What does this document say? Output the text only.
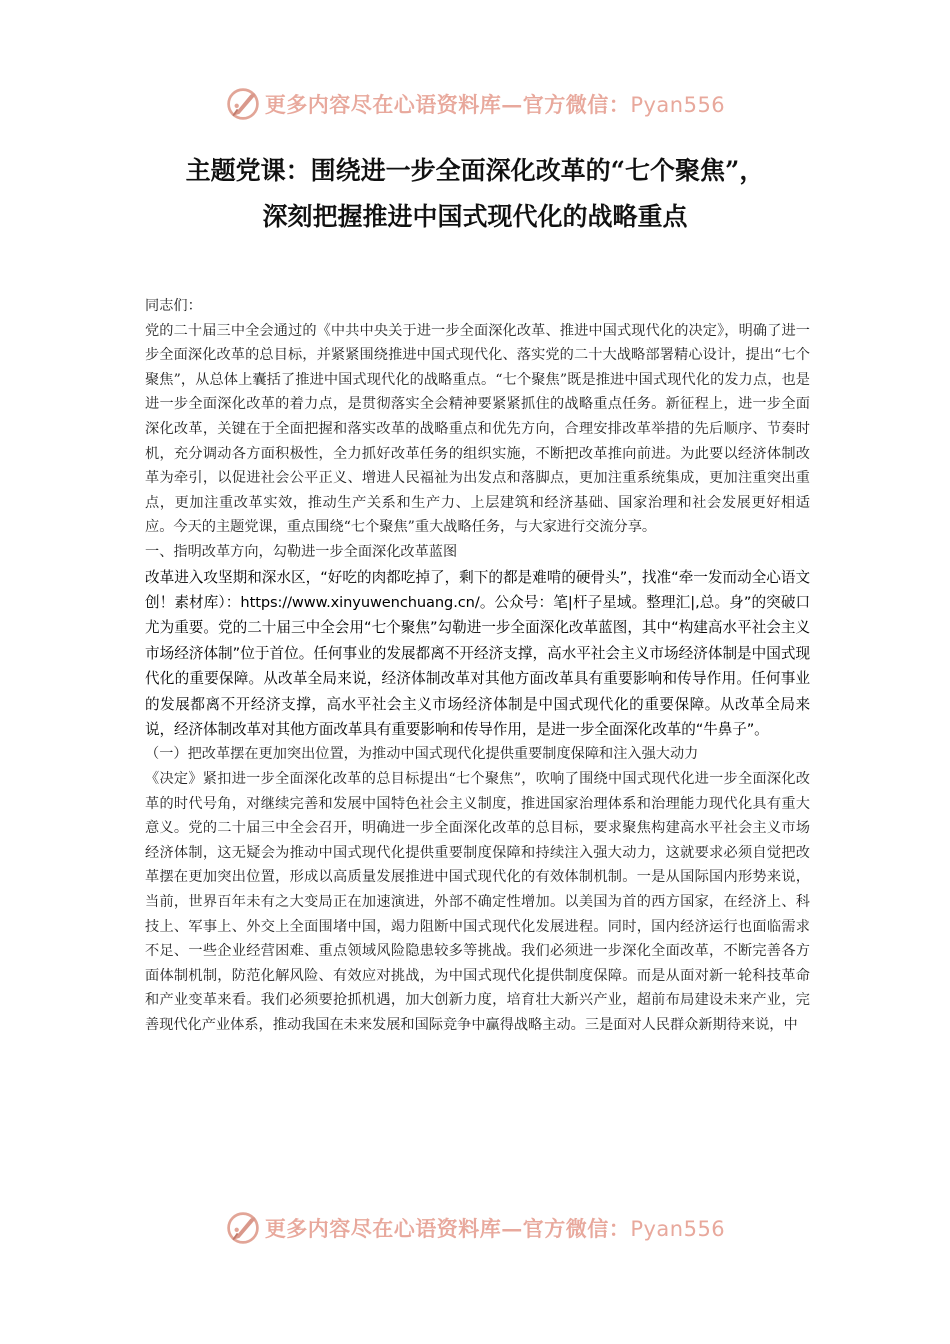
更多内容尽在心语资料库—官方微信：Pyan556
主题党课：围绕进一步全面深化改革的“七个聚焦”，
深刻把握推进中国式现代化的战略重点

同志们：

党的二十届三中全会通过的《中共中央关于进一步全面深化改革、推进中国式现代化的决定》，明确了进一步全面深化改革的总目标，并紧紧围绕推进中国式现代化、落实党的二十大战略部署精心设计，提出“七个聚焦”，从总体上囊括了推进中国式现代化的战略重点。“七个聚焦”既是推进中国式现代化的发力点，也是进一步全面深化改革的着力点，是贯彻落实全会精神要紧紧抓住的战略重点任务。新征程上，进一步全面深化改革，关键在于全面把握和落实改革的战略重点和优先方向，合理安排改革举措的先后顺序、节奏时机，充分调动各方面积极性，全力抓好改革任务的组织实施，不断把改革推向前进。为此要以经济体制改革为牵引，以促进社会公平正义、增进人民福祉为出发点和落脚点，更加注重系统集成，更加注重突出重点，更加注重改革实效，推动生产关系和生产力、上层建筑和经济基础、国家治理和社会发展更好相适应。今天的主题党课，重点围绕“七个聚焦”重大战略任务，与大家进行交流分享。

一、指明改革方向，勾勒进一步全面深化改革蓝图

改革进入攻坚期和深水区，“好吃的肉都吃掉了，剩下的都是难啃的硬骨头”，找准“牵一发而动全心语文创！素材库）：https://www.xinyuwenchuang.cn/。公众号：笔|杆子星域。整理汇|,总。身”的突破口尤为重要。党的二十届三中全会用“七个聚焦”勾勒进一步全面深化改革蓝图，其中“构建高水平社会主义市场经济体制”位于首位。任何事业的发展都离不开经济支撑，高水平社会主义市场经济体制是中国式现代化的重要保障。从改革全局来说，经济体制改革对其他方面改革具有重要影响和传导作用。任何事业的发展都离不开经济支撑，高水平社会主义市场经济体制是中国式现代化的重要保障。从改革全局来说，经济体制改革对其他方面改革具有重要影响和传导作用，是进一步全面深化改革的“牛鼻子”。

（一）把改革摆在更加突出位置，为推动中国式现代化提供重要制度保障和注入强大动力

《决定》紧扣进一步全面深化改革的总目标提出“七个聚焦”，吹响了围绕中国式现代化进一步全面深化改革的时代号角，对继续完善和发展中国特色社会主义制度，推进国家治理体系和治理能力现代化具有重大意义。党的二十届三中全会召开，明确进一步全面深化改革的总目标，要求聚焦构建高水平社会主义市场经济体制，这无疑会为推动中国式现代化提供重要制度保障和持续注入强大动力，这就要求必须自觉把改革摆在更加突出位置，形成以高质量发展推进中国式现代化的有效体制机制。一是从国际国内形势来说，当前，世界百年未有之大变局正在加速演进，外部不确定性增加。以美国为首的西方国家，在经济上、科技上、军事上、外交上全面围堵中国，竭力阻断中国式现代化发展进程。同时，国内经济运行也面临需求不足、一些企业经营困难、重点领域风险隐患较多等挑战。我们必须进一步深化全面改革，不断完善各方面体制机制，防范化解风险、有效应对挑战，为中国式现代化提供制度保障。而是从面对新一轮科技革命和产业变革来看。我们必须要抢抓机遇，加大创新力度，培育壮大新兴产业，超前布局建设未来产业，完善现代化产业体系，推动我国在未来发展和国际竞争中赢得战略主动。三是面对人民群众新期待来说，中

更多内容尽在心语资料库—官方微信：Pyan556
